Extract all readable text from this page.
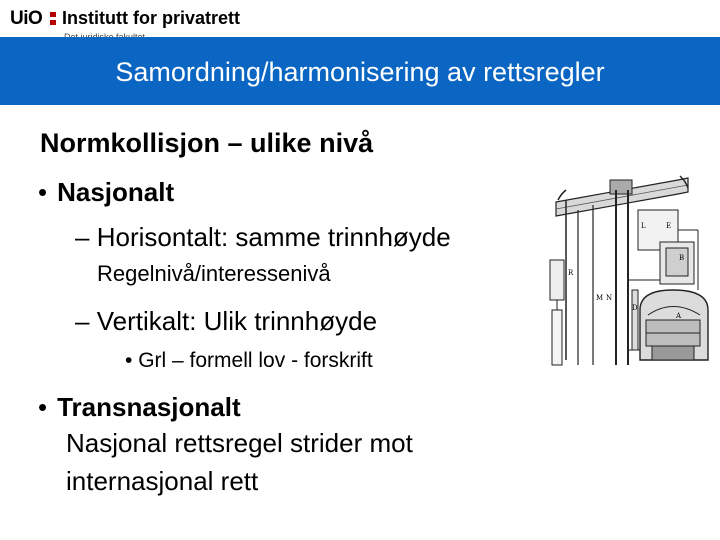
UiO Institutt for privatrett
Samordning/harmonisering av rettsregler
Normkollisjon – ulike nivå
• Nasjonalt
– Horisontalt: samme trinnhøyde
Regelnivå/interessenivå
– Vertikalt: Ulik trinnhøyde
• Grl – formell lov - forskrift
• Transnasjonalt
Nasjonal rettsregel strider mot
internasjonal rett
L	E
B
A
M N
D
R
